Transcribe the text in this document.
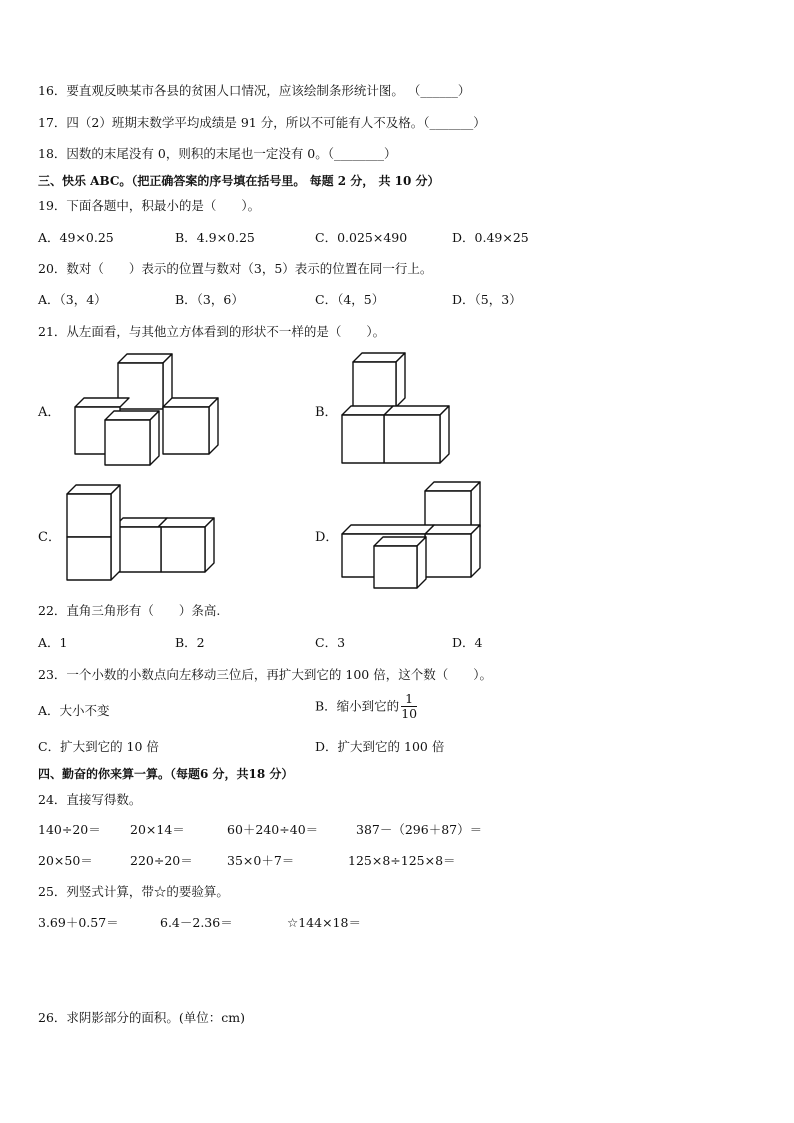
16．要直观反映某市各县的贫困人口情况，应该绘制条形统计图。 （______）
17．四（2）班期末数学平均成绩是 91 分，所以不可能有人不及格。（_______）
18．因数的末尾没有 0，则积的末尾也一定没有 0。（________）
三、快乐 ABC。（把正确答案的序号填在括号里。 每题 2 分， 共 10 分）
19．下面各题中，积最小的是（　　）。
A．49×0.25	B．4.9×0.25	C．0.025×490	D．0.49×25
20．数对（　　）表示的位置与数对（3，5）表示的位置在同一行上。
A．（3，4）	B．（3，6）	C．（4，5）	D．（5，3）
21．从左面看，与其他立方体看到的形状不一样的是（　　）。
A．	B．
C．	D．
22．直角三角形有（　　）条高.
A．1	B．2	C．3	D．4
23．一个小数的小数点向左移动三位后，再扩大到它的 100 倍，这个数（　　）。
A．大小不变	B．缩小到它的 $\frac{1}{10}$
C．扩大到它的 10 倍	D．扩大到它的 100 倍
四、勤奋的你来算一算。（每题6 分，共18 分）
24．直接写得数。
140÷20＝ 20×14＝	60＋240÷40＝	387－（296＋87）＝
20×50＝	220÷20＝	35×0＋7＝	125×8÷125×8＝
25．列竖式计算，带☆的要验算。
3.69＋0.57＝	6.4－2.36＝	☆144×18＝
26．求阴影部分的面积。(单位：cm)
